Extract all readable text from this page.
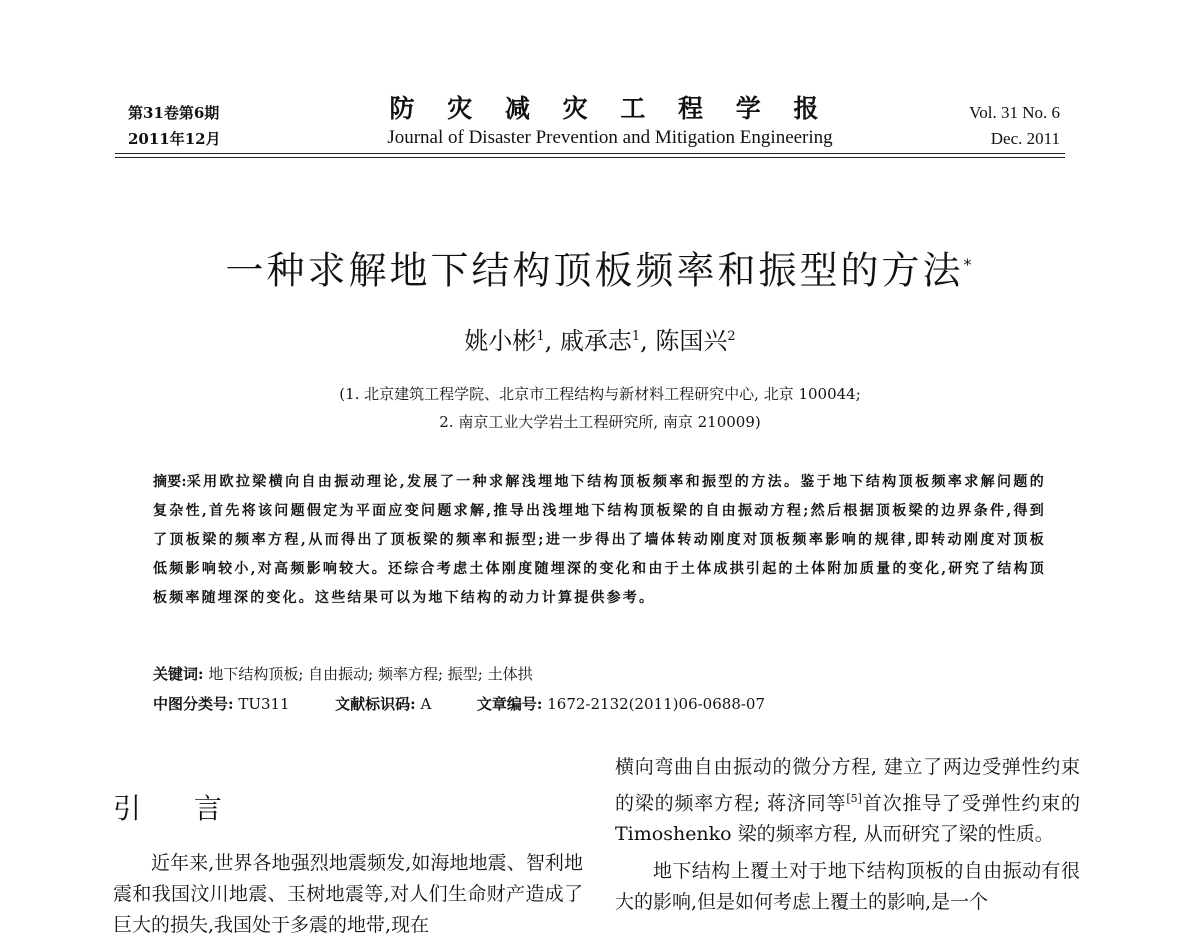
第31卷第6期
2011年12月
防 灾 减 灾 工 程 学 报
Journal of Disaster Prevention and Mitigation Engineering
Vol. 31 No. 6
Dec. 2011
一种求解地下结构顶板频率和振型的方法*
姚小彬$^1$, 戚承志$^1$, 陈国兴$^2$
(1. 北京建筑工程学院、北京市工程结构与新材料工程研究中心, 北京 100044;
2. 南京工业大学岩土工程研究所, 南京 210009)
摘要:采用欧拉梁横向自由振动理论,发展了一种求解浅埋地下结构顶板频率和振型的方法。鉴于地下结构顶板频率求解问题的复杂性,首先将该问题假定为平面应变问题求解,推导出浅埋地下结构顶板梁的自由振动方程;然后根据顶板梁的边界条件,得到了顶板梁的频率方程,从而得出了顶板梁的频率和振型;进一步得出了墙体转动刚度对顶板频率影响的规律,即转动刚度对顶板低频影响较小,对高频影响较大。还综合考虑土体刚度随埋深的变化和由于土体成拱引起的土体附加质量的变化,研究了结构顶板频率随埋深的变化。这些结果可以为地下结构的动力计算提供参考。
关键词: 地下结构顶板; 自由振动; 频率方程; 振型; 土体拱
中图分类号: TU311	文献标识码: A	文章编号: 1672-2132(2011)06-0688-07
引 言

近年来,世界各地强烈地震频发,如海地地震、智利地震和我国汶川地震、玉树地震等,对人们生命财产造成了巨大的损失,我国处于多震的地带,现在

横向弯曲自由振动的微分方程, 建立了两边受弹性约束的梁的频率方程; 蒋济同等[5]首次推导了受弹性约束的 Timoshenko 梁的频率方程, 从而研究了梁的性质。

地下结构上覆土对于地下结构顶板的自由振动有很大的影响,但是如何考虑上覆土的影响,是一个
